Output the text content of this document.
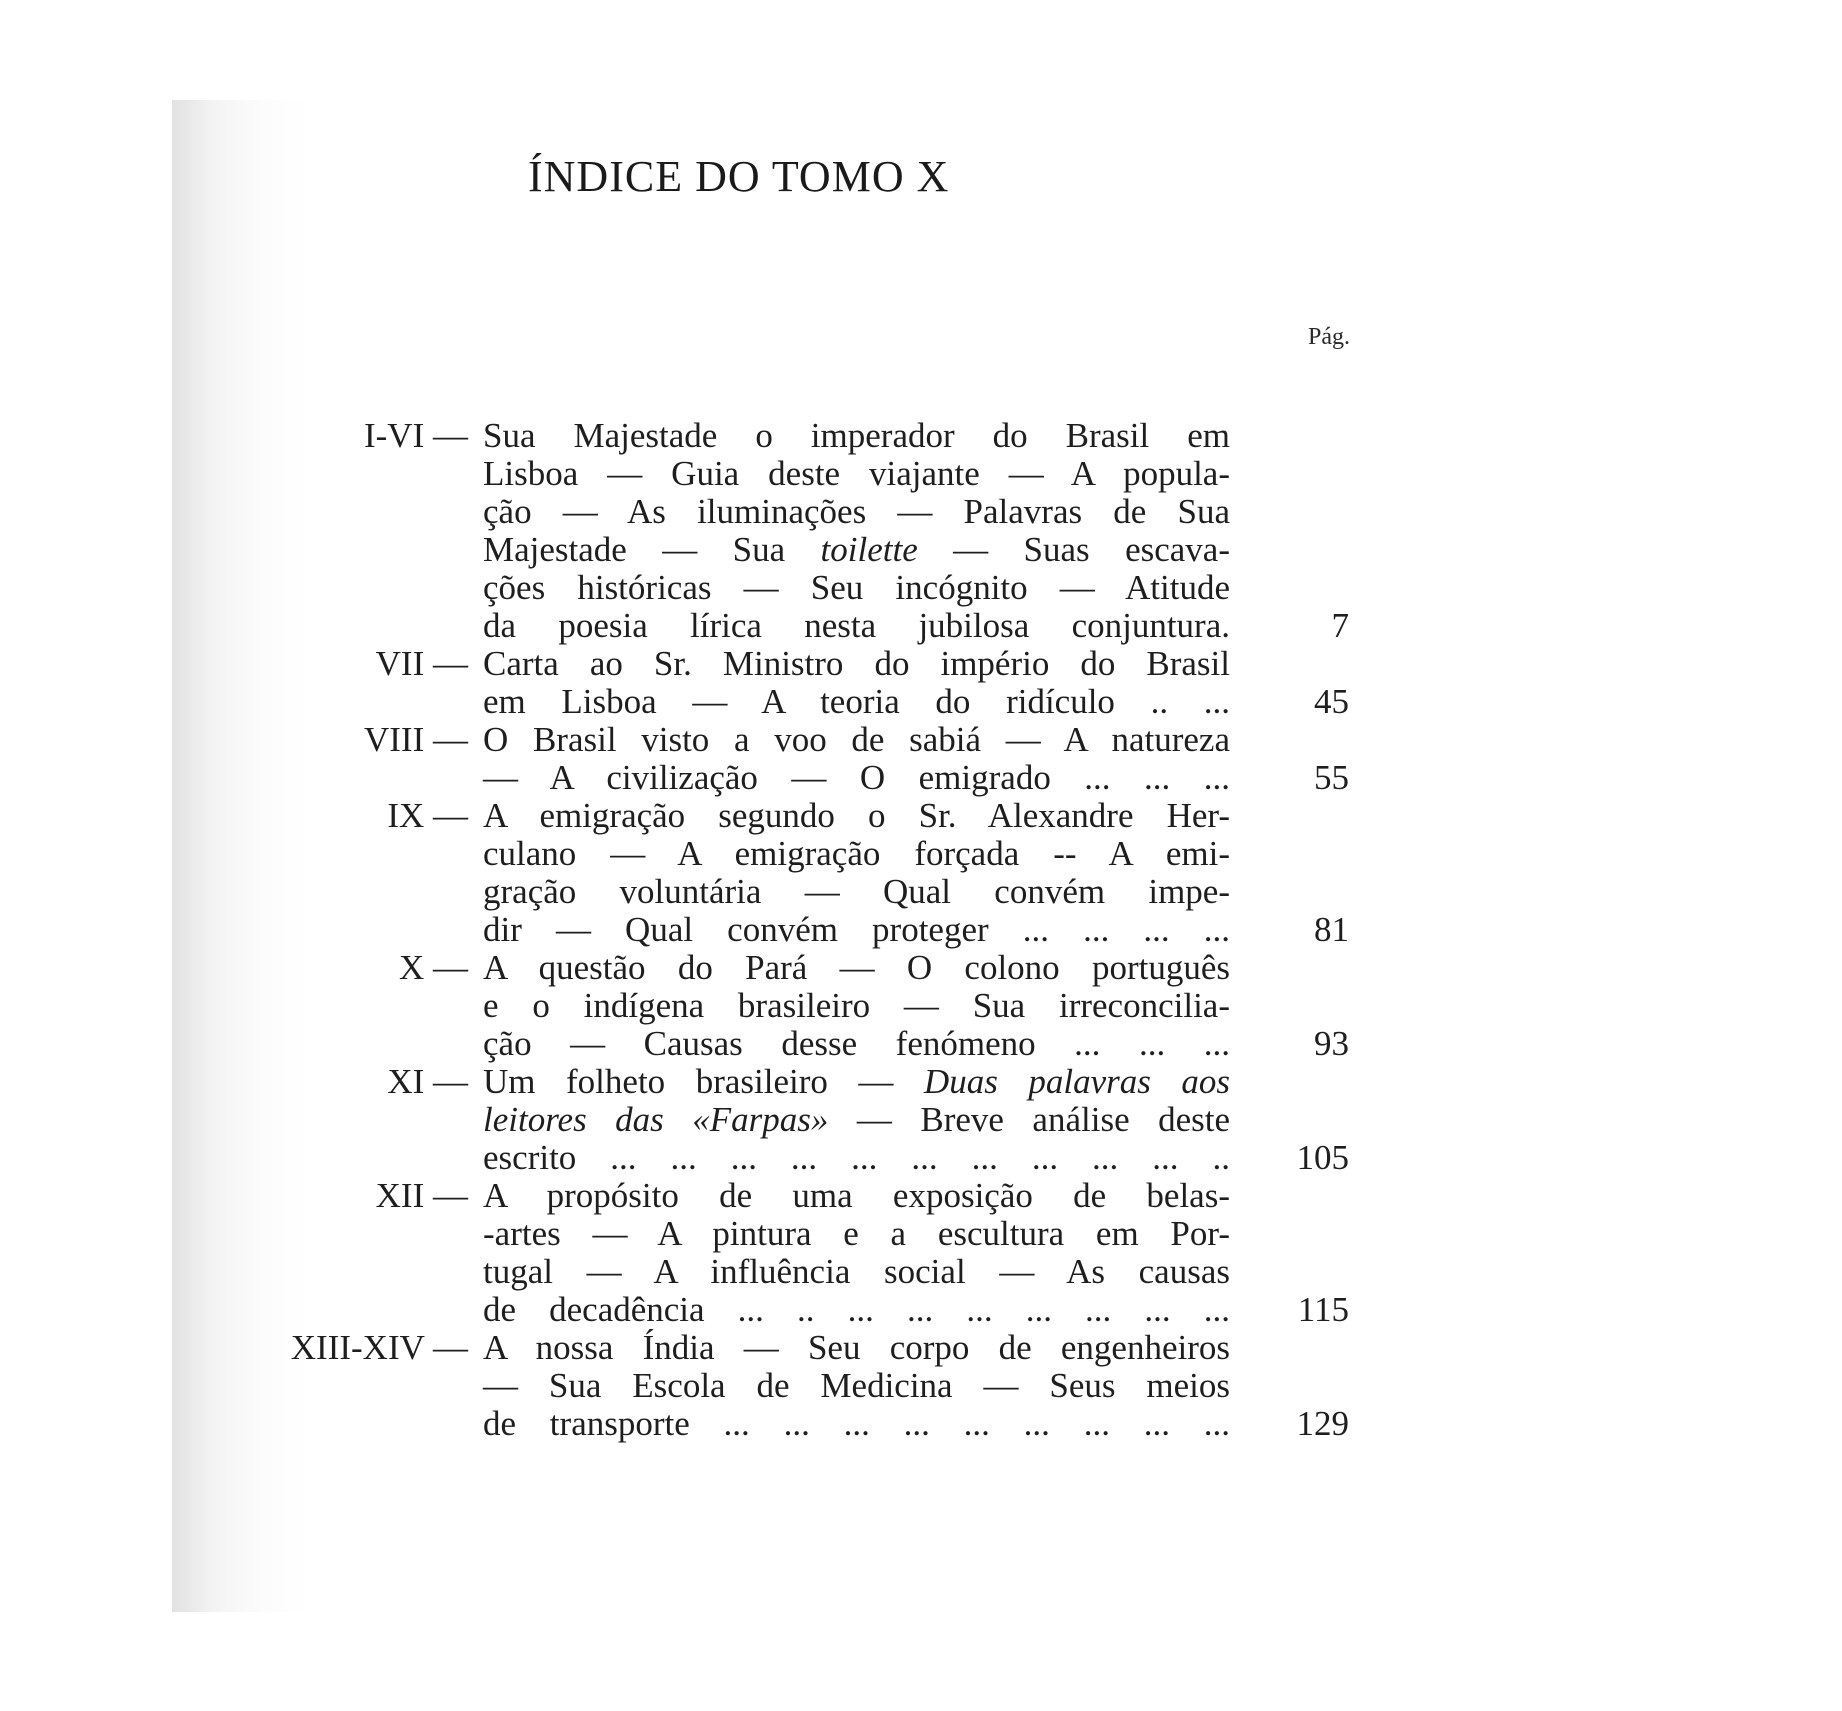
ÍNDICE DO TOMO X
Pág.
I-VI — Sua Majestade o imperador do Brasil em
Lisboa — Guia deste viajante — A popula-
ção — As iluminações — Palavras de Sua
Majestade — Sua toilette — Suas escava-
ções históricas — Seu incógnito — Atitude
da poesia lírica nesta jubilosa conjuntura.	7
VII — Carta ao Sr. Ministro do império do Brasil
em Lisboa — A teoria do ridículo .. ... 45
VIII — O Brasil visto a voo de sabiá — A natureza
— A civilização — O emigrado ... ... ... 55
IX — A emigração segundo o Sr. Alexandre Her-
culano — A emigração forçada -- A emi-
gração voluntária — Qual convém impe-
dir — Qual convém proteger ... ... ... ... 81
X — A questão do Pará — O colono português
e o indígena brasileiro — Sua irreconcilia-
ção — Causas desse fenómeno ... ... ... 93
XI — Um folheto brasileiro — Duas palavras aos
leitores das «Farpas» — Breve análise deste
escrito ... ... ... ... ... ... ... ... ... ... .. 105
XII — A propósito de uma exposição de belas-
-artes — A pintura e a escultura em Por-
tugal — A influência social — As causas
de decadência ... .. ... ... ... ... ... ... ... 115
XIII-XIV — A nossa Índia — Seu corpo de engenheiros
— Sua Escola de Medicina — Seus meios
de transporte ... ... ... ... ... ... ... ... ... 129
